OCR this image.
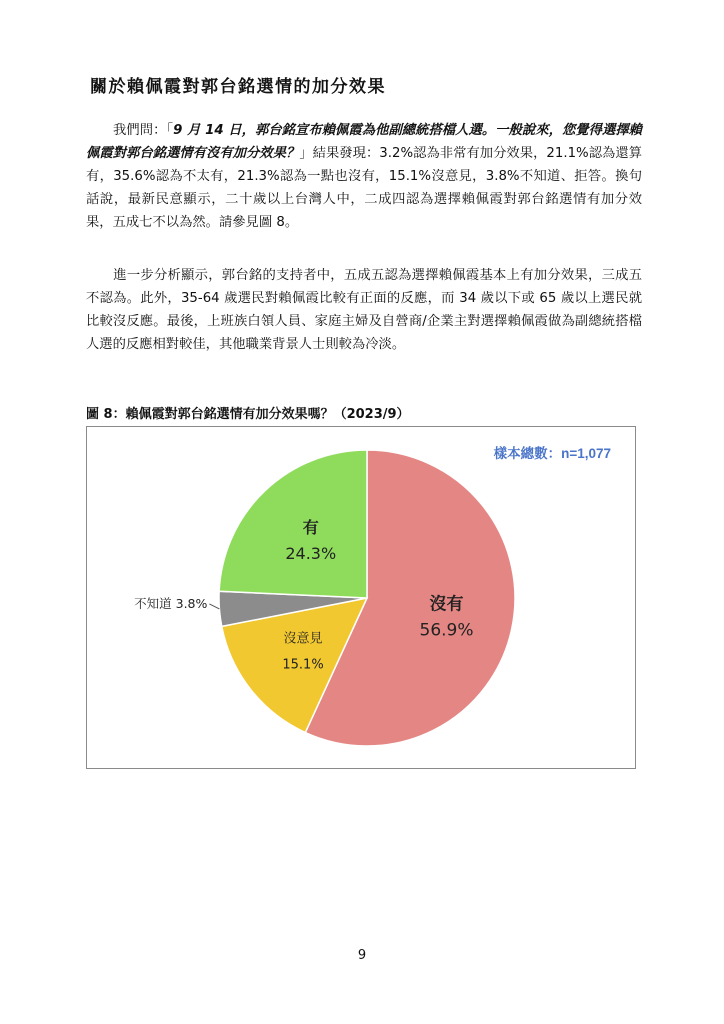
關於賴佩霞對郭台銘選情的加分效果
我們問：「9 月 14 日，郭台銘宣布賴佩霞為他副總統搭檔人選。一般說來，您覺得選擇賴佩霞對郭台銘選情有沒有加分效果？」結果發現：3.2%認為非常有加分效果，21.1%認為還算有，35.6%認為不太有，21.3%認為一點也沒有，15.1%沒意見，3.8%不知道、拒答。換句話說，最新民意顯示，二十歲以上台灣人中，二成四認為選擇賴佩霞對郭台銘選情有加分效果，五成七不以為然。請參見圖 8。
進一步分析顯示，郭台銘的支持者中，五成五認為選擇賴佩霞基本上有加分效果，三成五不認為。此外，35-64 歲選民對賴佩霞比較有正面的反應，而 34 歲以下或 65 歲以上選民就比較沒反應。最後，上班族白領人員、家庭主婦及自營商/企業主對選擇賴佩霞做為副總統搭檔人選的反應相對較佳，其他職業背景人士則較為冷淡。
圖 8：賴佩霞對郭台銘選情有加分效果嗎？（2023/9）
樣本總數：n=1,077
沒有
56.9%
沒意見
15.1%
不知道 3.8%
有
24.3%
9
